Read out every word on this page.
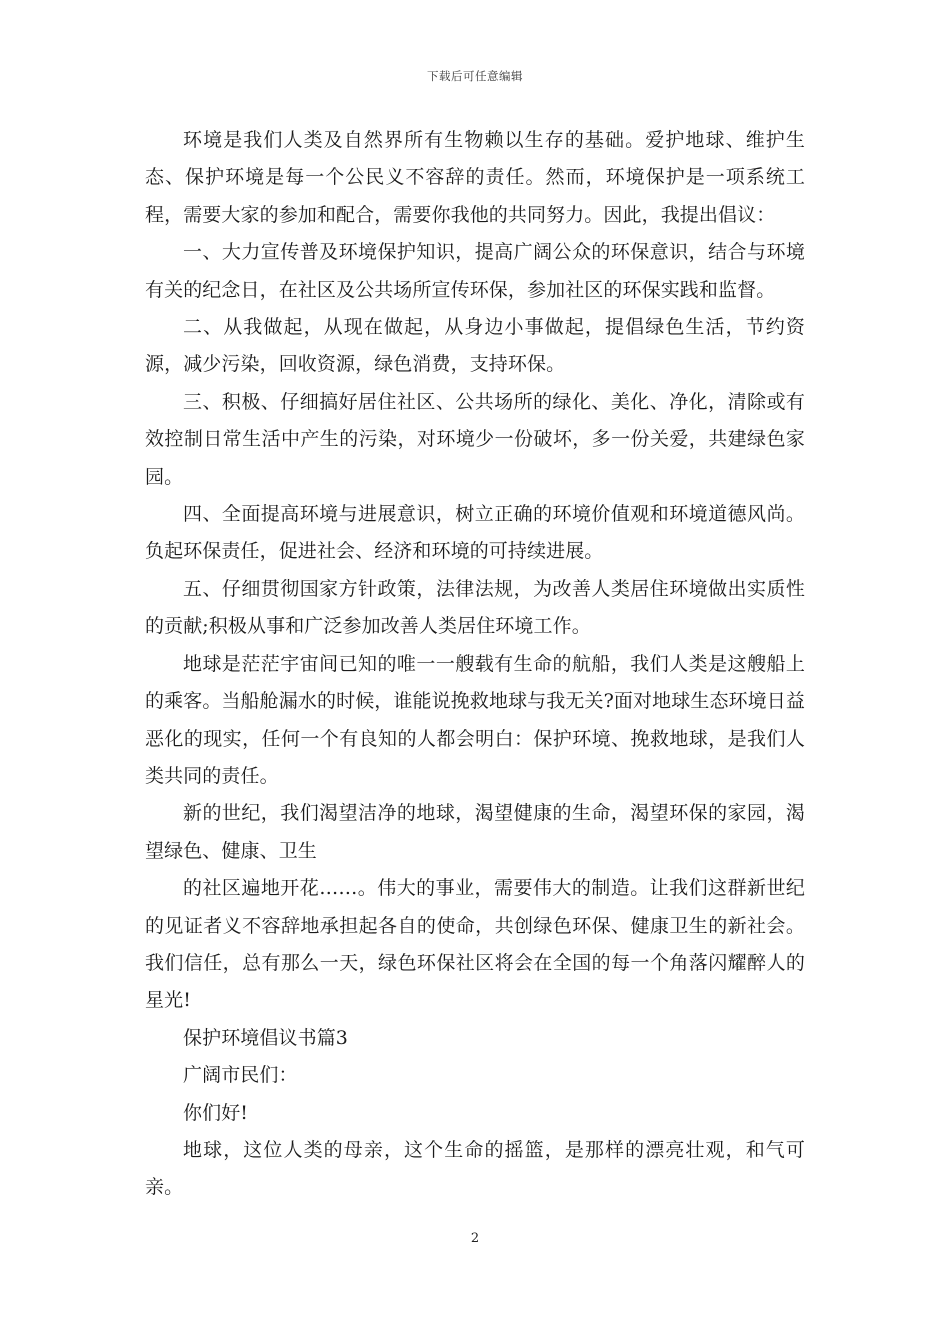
下载后可任意编辑

环境是我们人类及自然界所有生物赖以生存的基础。爱护地球、维护生态、保护环境是每一个公民义不容辞的责任。然而，环境保护是一项系统工程，需要大家的参加和配合，需要你我他的共同努力。因此，我提出倡议：

一、大力宣传普及环境保护知识，提高广阔公众的环保意识，结合与环境有关的纪念日，在社区及公共场所宣传环保，参加社区的环保实践和监督。

二、从我做起，从现在做起，从身边小事做起，提倡绿色生活，节约资源，减少污染，回收资源，绿色消费，支持环保。

三、积极、仔细搞好居住社区、公共场所的绿化、美化、净化，清除或有效控制日常生活中产生的污染，对环境少一份破坏，多一份关爱，共建绿色家园。

四、全面提高环境与进展意识，树立正确的环境价值观和环境道德风尚。负起环保责任，促进社会、经济和环境的可持续进展。

五、仔细贯彻国家方针政策，法律法规，为改善人类居住环境做出实质性的贡献;积极从事和广泛参加改善人类居住环境工作。

地球是茫茫宇宙间已知的唯一一艘载有生命的航船，我们人类是这艘船上的乘客。当船舱漏水的时候，谁能说挽救地球与我无关?面对地球生态环境日益恶化的现实，任何一个有良知的人都会明白：保护环境、挽救地球，是我们人类共同的责任。

新的世纪，我们渴望洁净的地球，渴望健康的生命，渴望环保的家园，渴望绿色、健康、卫生

的社区遍地开花……。伟大的事业，需要伟大的制造。让我们这群新世纪的见证者义不容辞地承担起各自的使命，共创绿色环保、健康卫生的新社会。我们信任，总有那么一天，绿色环保社区将会在全国的每一个角落闪耀醉人的星光!

保护环境倡议书篇3

广阔市民们：

你们好!

地球，这位人类的母亲，这个生命的摇篮，是那样的漂亮壮观，和气可亲。

2
